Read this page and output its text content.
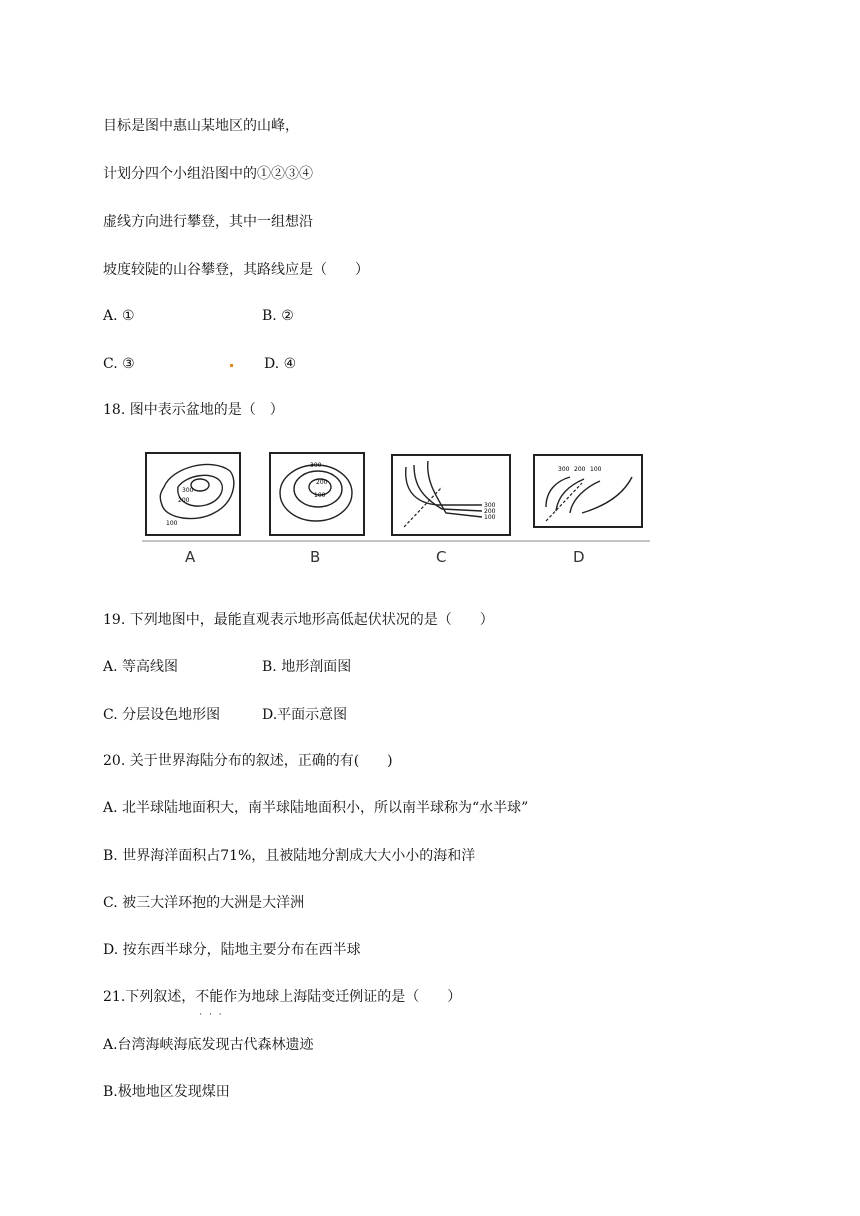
目标是图中惠山某地区的山峰，
计划分四个小组沿图中的①②③④
虚线方向进行攀登，其中一组想沿
坡度较陡的山谷攀登，其路线应是（　　）
A. ①	B. ②
C. ③	D. ④
18. 图中表示盆地的是（　）
300
200
100
300
200
100
300
200
100
300 200 100
A	B	C	D
19. 下列地图中，最能直观表示地形高低起伏状况的是（　　）
A. 等高线图	B. 地形剖面图
C. 分层设色地形图	D.平面示意图
20. 关于世界海陆分布的叙述，正确的有(　　)
A. 北半球陆地面积大，南半球陆地面积小，所以南半球称为“水半球”
B. 世界海洋面积占71%，且被陆地分割成大大小小的海和洋
C. 被三大洋环抱的大洲是大洋洲
D. 按东西半球分，陆地主要分布在西半球
21.下列叙述，不能 · · ·作为地球上海陆变迁例证的是（　　）
A.台湾海峡海底发现古代森林遗迹
B.极地地区发现煤田
